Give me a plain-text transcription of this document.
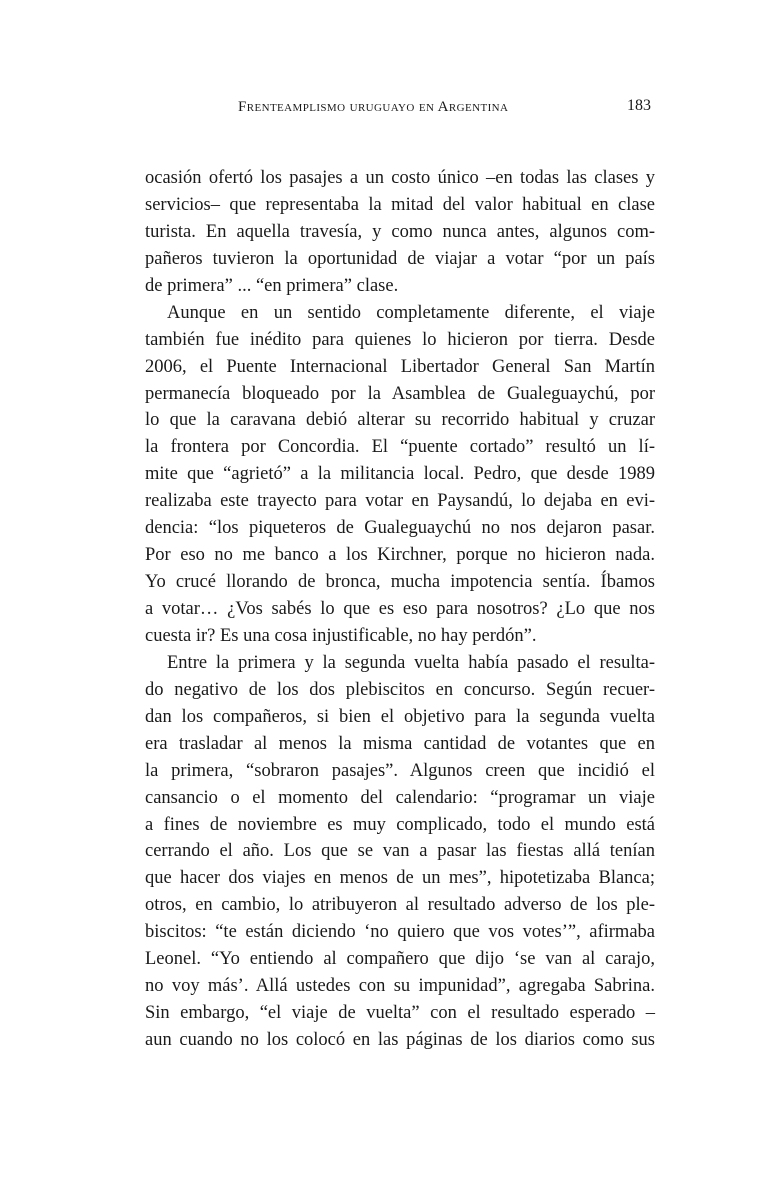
Frenteamplismo uruguayo en Argentina	183
ocasión ofertó los pasajes a un costo único –en todas las clases y
servicios– que representaba la mitad del valor habitual en clase
turista. En aquella travesía, y como nunca antes, algunos com-
pañeros tuvieron la oportunidad de viajar a votar “por un país
de primera” ... “en primera” clase.
Aunque en un sentido completamente diferente, el viaje
también fue inédito para quienes lo hicieron por tierra. Desde
2006, el Puente Internacional Libertador General San Martín
permanecía bloqueado por la Asamblea de Gualeguaychú, por
lo que la caravana debió alterar su recorrido habitual y cruzar
la frontera por Concordia. El “puente cortado” resultó un lí-
mite que “agrietó” a la militancia local. Pedro, que desde 1989
realizaba este trayecto para votar en Paysandú, lo dejaba en evi-
dencia: “los piqueteros de Gualeguaychú no nos dejaron pasar.
Por eso no me banco a los Kirchner, porque no hicieron nada.
Yo crucé llorando de bronca, mucha impotencia sentía. Íbamos
a votar… ¿Vos sabés lo que es eso para nosotros? ¿Lo que nos
cuesta ir? Es una cosa injustificable, no hay perdón”.
Entre la primera y la segunda vuelta había pasado el resulta-
do negativo de los dos plebiscitos en concurso. Según recuer-
dan los compañeros, si bien el objetivo para la segunda vuelta
era trasladar al menos la misma cantidad de votantes que en
la primera, “sobraron pasajes”. Algunos creen que incidió el
cansancio o el momento del calendario: “programar un viaje
a fines de noviembre es muy complicado, todo el mundo está
cerrando el año. Los que se van a pasar las fiestas allá tenían
que hacer dos viajes en menos de un mes”, hipotetizaba Blanca;
otros, en cambio, lo atribuyeron al resultado adverso de los ple-
biscitos: “te están diciendo ‘no quiero que vos votes’”, afirmaba
Leonel. “Yo entiendo al compañero que dijo ‘se van al carajo,
no voy más’. Allá ustedes con su impunidad”, agregaba Sabrina.
Sin embargo, “el viaje de vuelta” con el resultado esperado –
aun cuando no los colocó en las páginas de los diarios como sus
